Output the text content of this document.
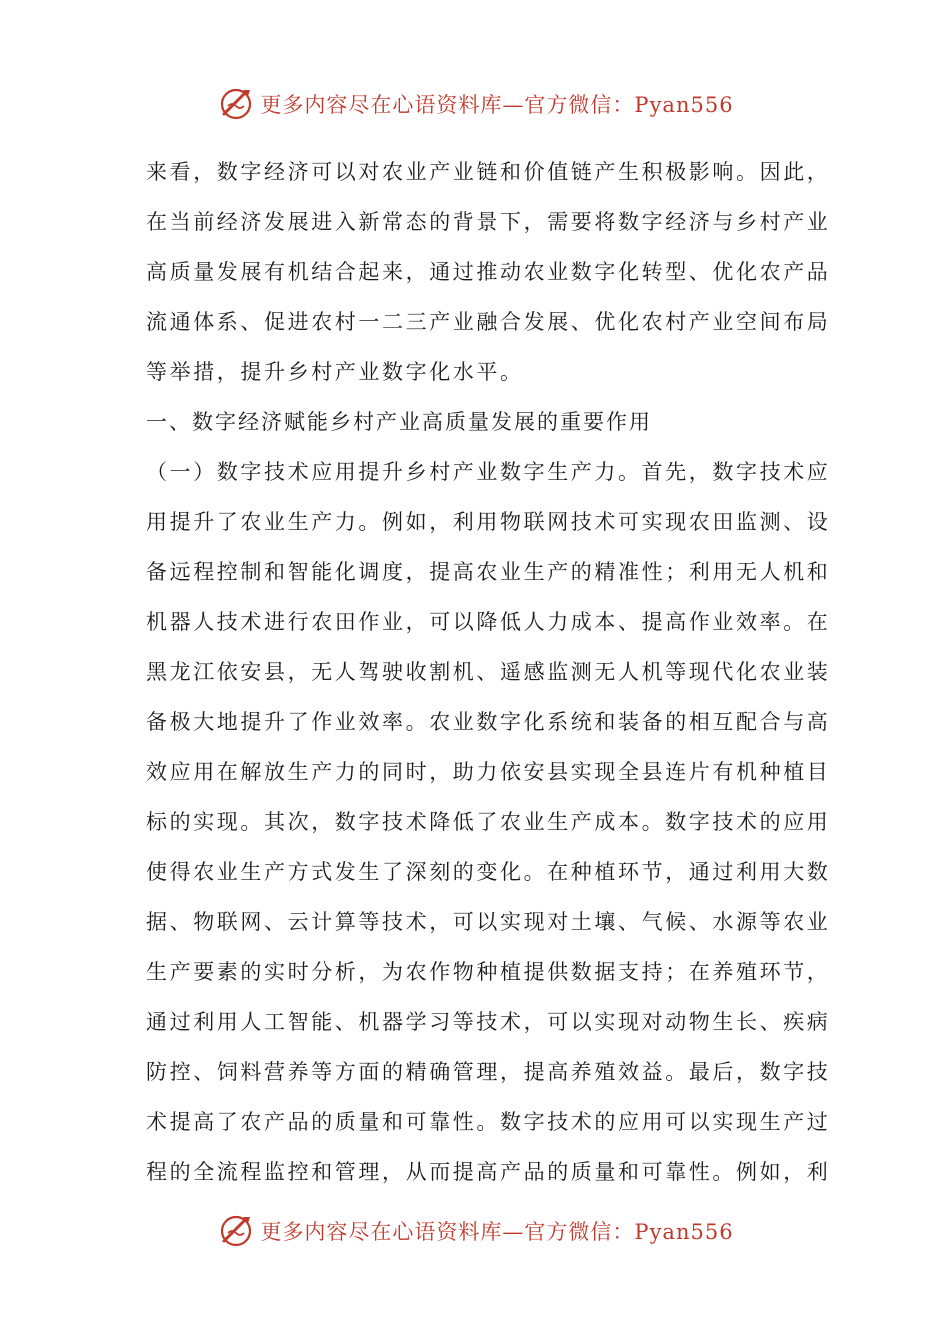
更多内容尽在心语资料库—官方微信：Pyan556
来看，数字经济可以对农业产业链和价值链产生积极影响。因此，
在当前经济发展进入新常态的背景下，需要将数字经济与乡村产业
高质量发展有机结合起来，通过推动农业数字化转型、优化农产品
流通体系、促进农村一二三产业融合发展、优化农村产业空间布局
等举措，提升乡村产业数字化水平。
一、数字经济赋能乡村产业高质量发展的重要作用
（一）数字技术应用提升乡村产业数字生产力。首先，数字技术应
用提升了农业生产力。例如，利用物联网技术可实现农田监测、设
备远程控制和智能化调度，提高农业生产的精准性；利用无人机和
机器人技术进行农田作业，可以降低人力成本、提高作业效率。在
黑龙江依安县，无人驾驶收割机、遥感监测无人机等现代化农业装
备极大地提升了作业效率。农业数字化系统和装备的相互配合与高
效应用在解放生产力的同时，助力依安县实现全县连片有机种植目
标的实现。其次，数字技术降低了农业生产成本。数字技术的应用
使得农业生产方式发生了深刻的变化。在种植环节，通过利用大数
据、物联网、云计算等技术，可以实现对土壤、气候、水源等农业
生产要素的实时分析，为农作物种植提供数据支持；在养殖环节，
通过利用人工智能、机器学习等技术，可以实现对动物生长、疾病
防控、饲料营养等方面的精确管理，提高养殖效益。最后，数字技
术提高了农产品的质量和可靠性。数字技术的应用可以实现生产过
程的全流程监控和管理，从而提高产品的质量和可靠性。例如，利
更多内容尽在心语资料库—官方微信：Pyan556
